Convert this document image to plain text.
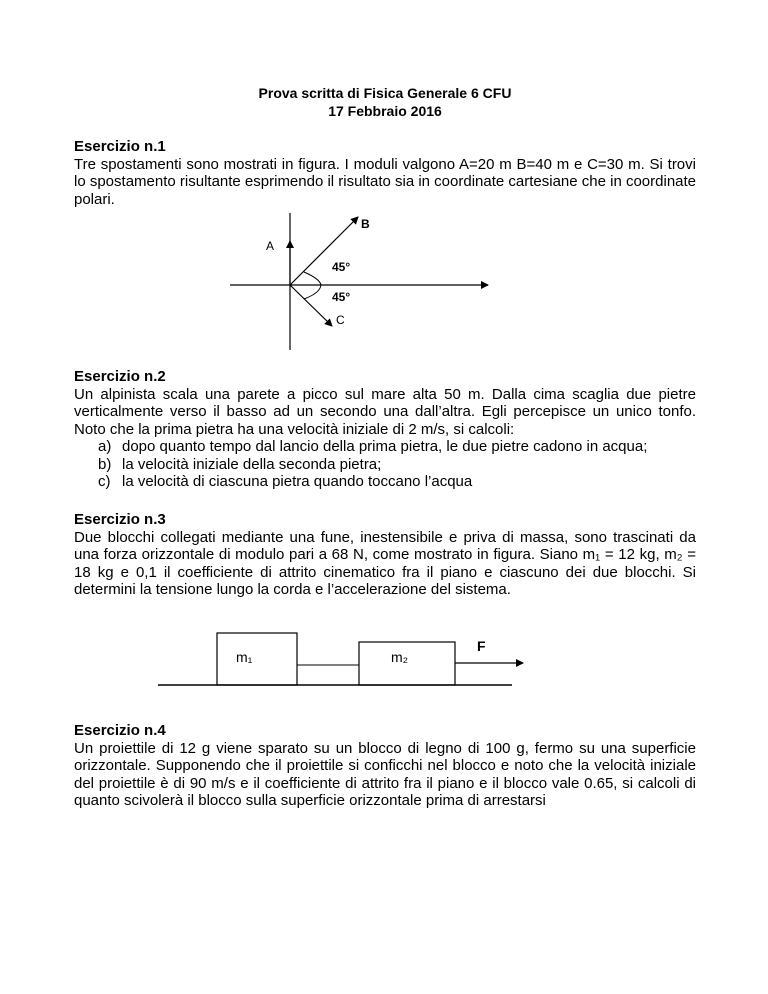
Prova scritta di Fisica Generale 6 CFU
17 Febbraio 2016
Esercizio n.1

Tre spostamenti sono mostrati in figura. I moduli valgono A=20 m B=40 m e C=30 m. Si trovi lo spostamento risultante esprimendo il risultato sia in coordinate cartesiane che in coordinate polari.

B
A
45°
45°
C
Esercizio n.2

Un alpinista scala una parete a picco sul mare alta 50 m. Dalla cima scaglia due pietre verticalmente verso il basso ad un secondo una dall’altra. Egli percepisce un unico tonfo. Noto che la prima pietra ha una velocità iniziale di 2 m/s, si calcoli:

a) dopo quanto tempo dal lancio della prima pietra, le due pietre cadono in acqua;
b) la velocità iniziale della seconda pietra;
c) la velocità di ciascuna pietra quando toccano l’acqua
Esercizio n.3

Due blocchi collegati mediante una fune, inestensibile e priva di massa, sono trascinati da una forza orizzontale di modulo pari a 68 N, come mostrato in figura. Siano m₁ = 12 kg, m₂ = 18 kg e 0,1 il coefficiente di attrito cinematico fra il piano e ciascuno dei due blocchi. Si determini la tensione lungo la corda e l’accelerazione del sistema.

m₁	m₂
F
Esercizio n.4

Un proiettile di 12 g viene sparato su un blocco di legno di 100 g, fermo su una superficie orizzontale. Supponendo che il proiettile si conficchi nel blocco e noto che la velocità iniziale del proiettile è di 90 m/s e il coefficiente di attrito fra il piano e il blocco vale 0.65, si calcoli di quanto scivolerà il blocco sulla superficie orizzontale prima di arrestarsi
